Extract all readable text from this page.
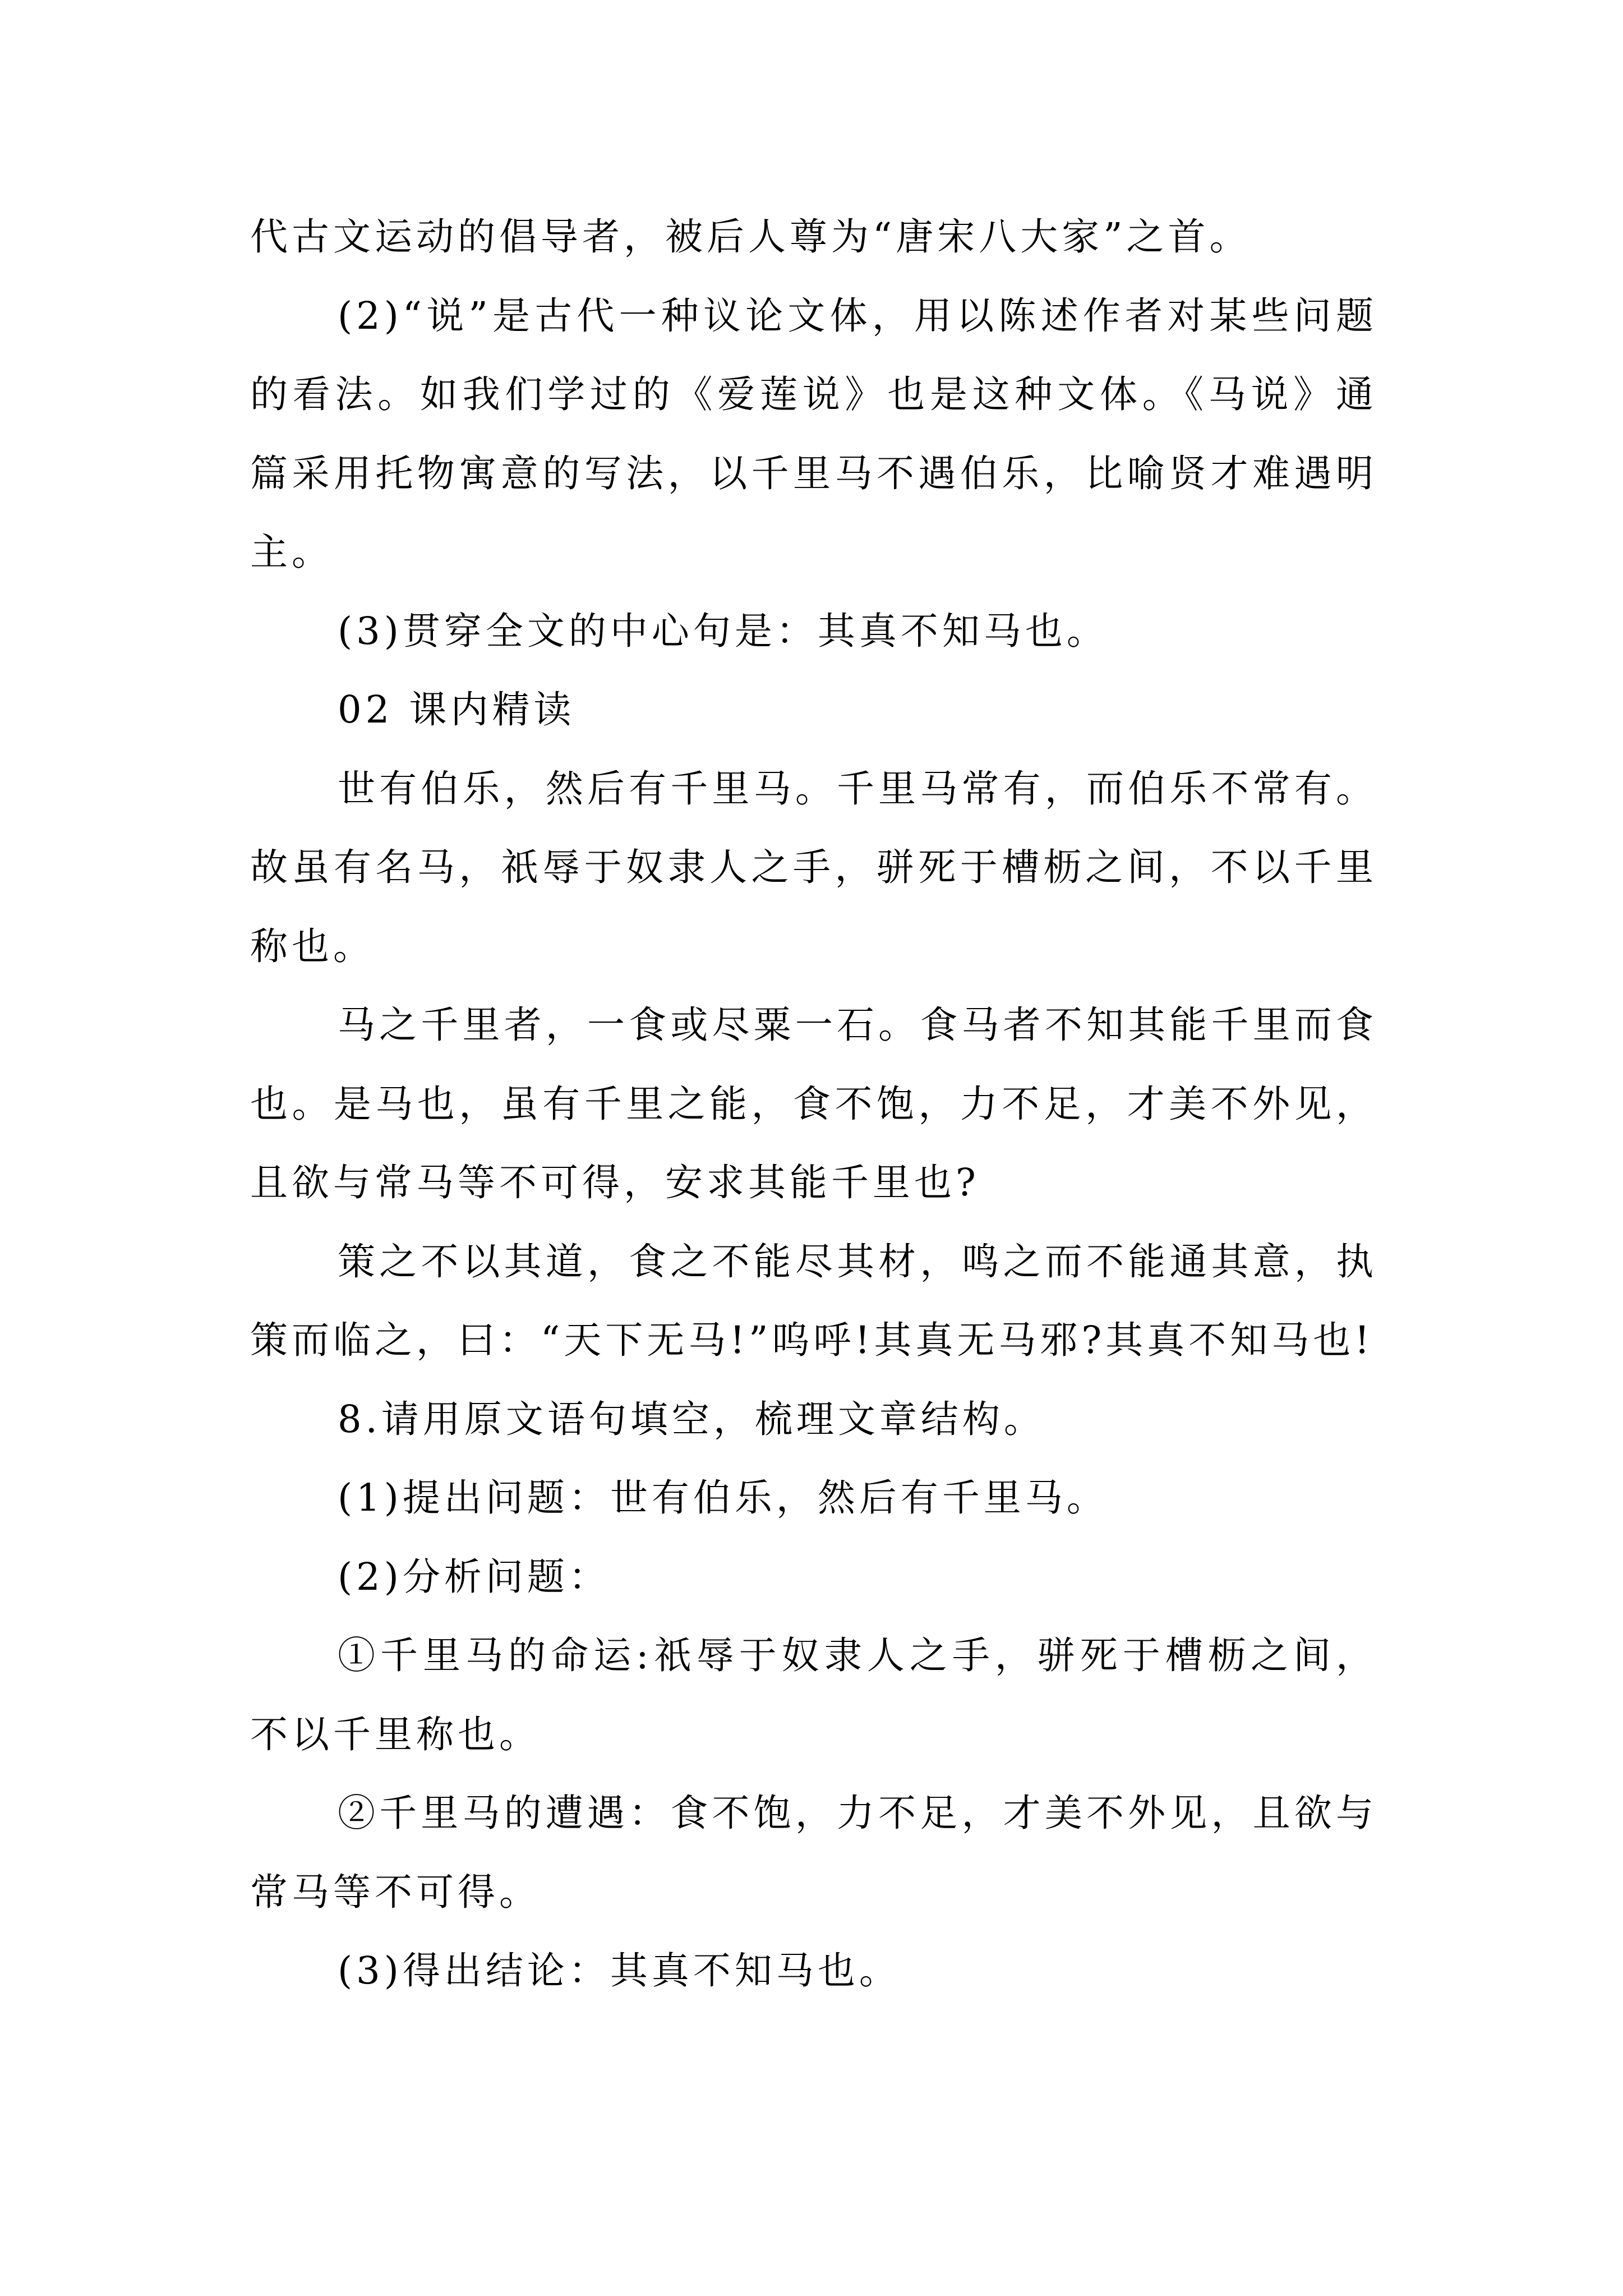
代古文运动的倡导者，被后人尊为“唐宋八大家”之首。

(2)“说”是古代一种议论文体，用以陈述作者对某些问题的看法。如我们学过的《爱莲说》也是这种文体。《马说》通篇采用托物寓意的写法，以千里马不遇伯乐，比喻贤才难遇明主。

(3)贯穿全文的中心句是：其真不知马也。

02 课内精读

世有伯乐，然后有千里马。千里马常有，而伯乐不常有。故虽有名马，祇辱于奴隶人之手，骈死于槽枥之间，不以千里称也。

马之千里者，一食或尽粟一石。食马者不知其能千里而食也。是马也，虽有千里之能，食不饱，力不足，才美不外见，且欲与常马等不可得，安求其能千里也?

策之不以其道，食之不能尽其材，鸣之而不能通其意，执策而临之，曰：“天下无马!”呜呼!其真无马邪?其真不知马也!

8.请用原文语句填空，梳理文章结构。

(1)提出问题：世有伯乐，然后有千里马。

(2)分析问题：

①千里马的命运:祇辱于奴隶人之手，骈死于槽枥之间，不以千里称也。

②千里马的遭遇：食不饱，力不足，才美不外见，且欲与常马等不可得。

(3)得出结论：其真不知马也。
